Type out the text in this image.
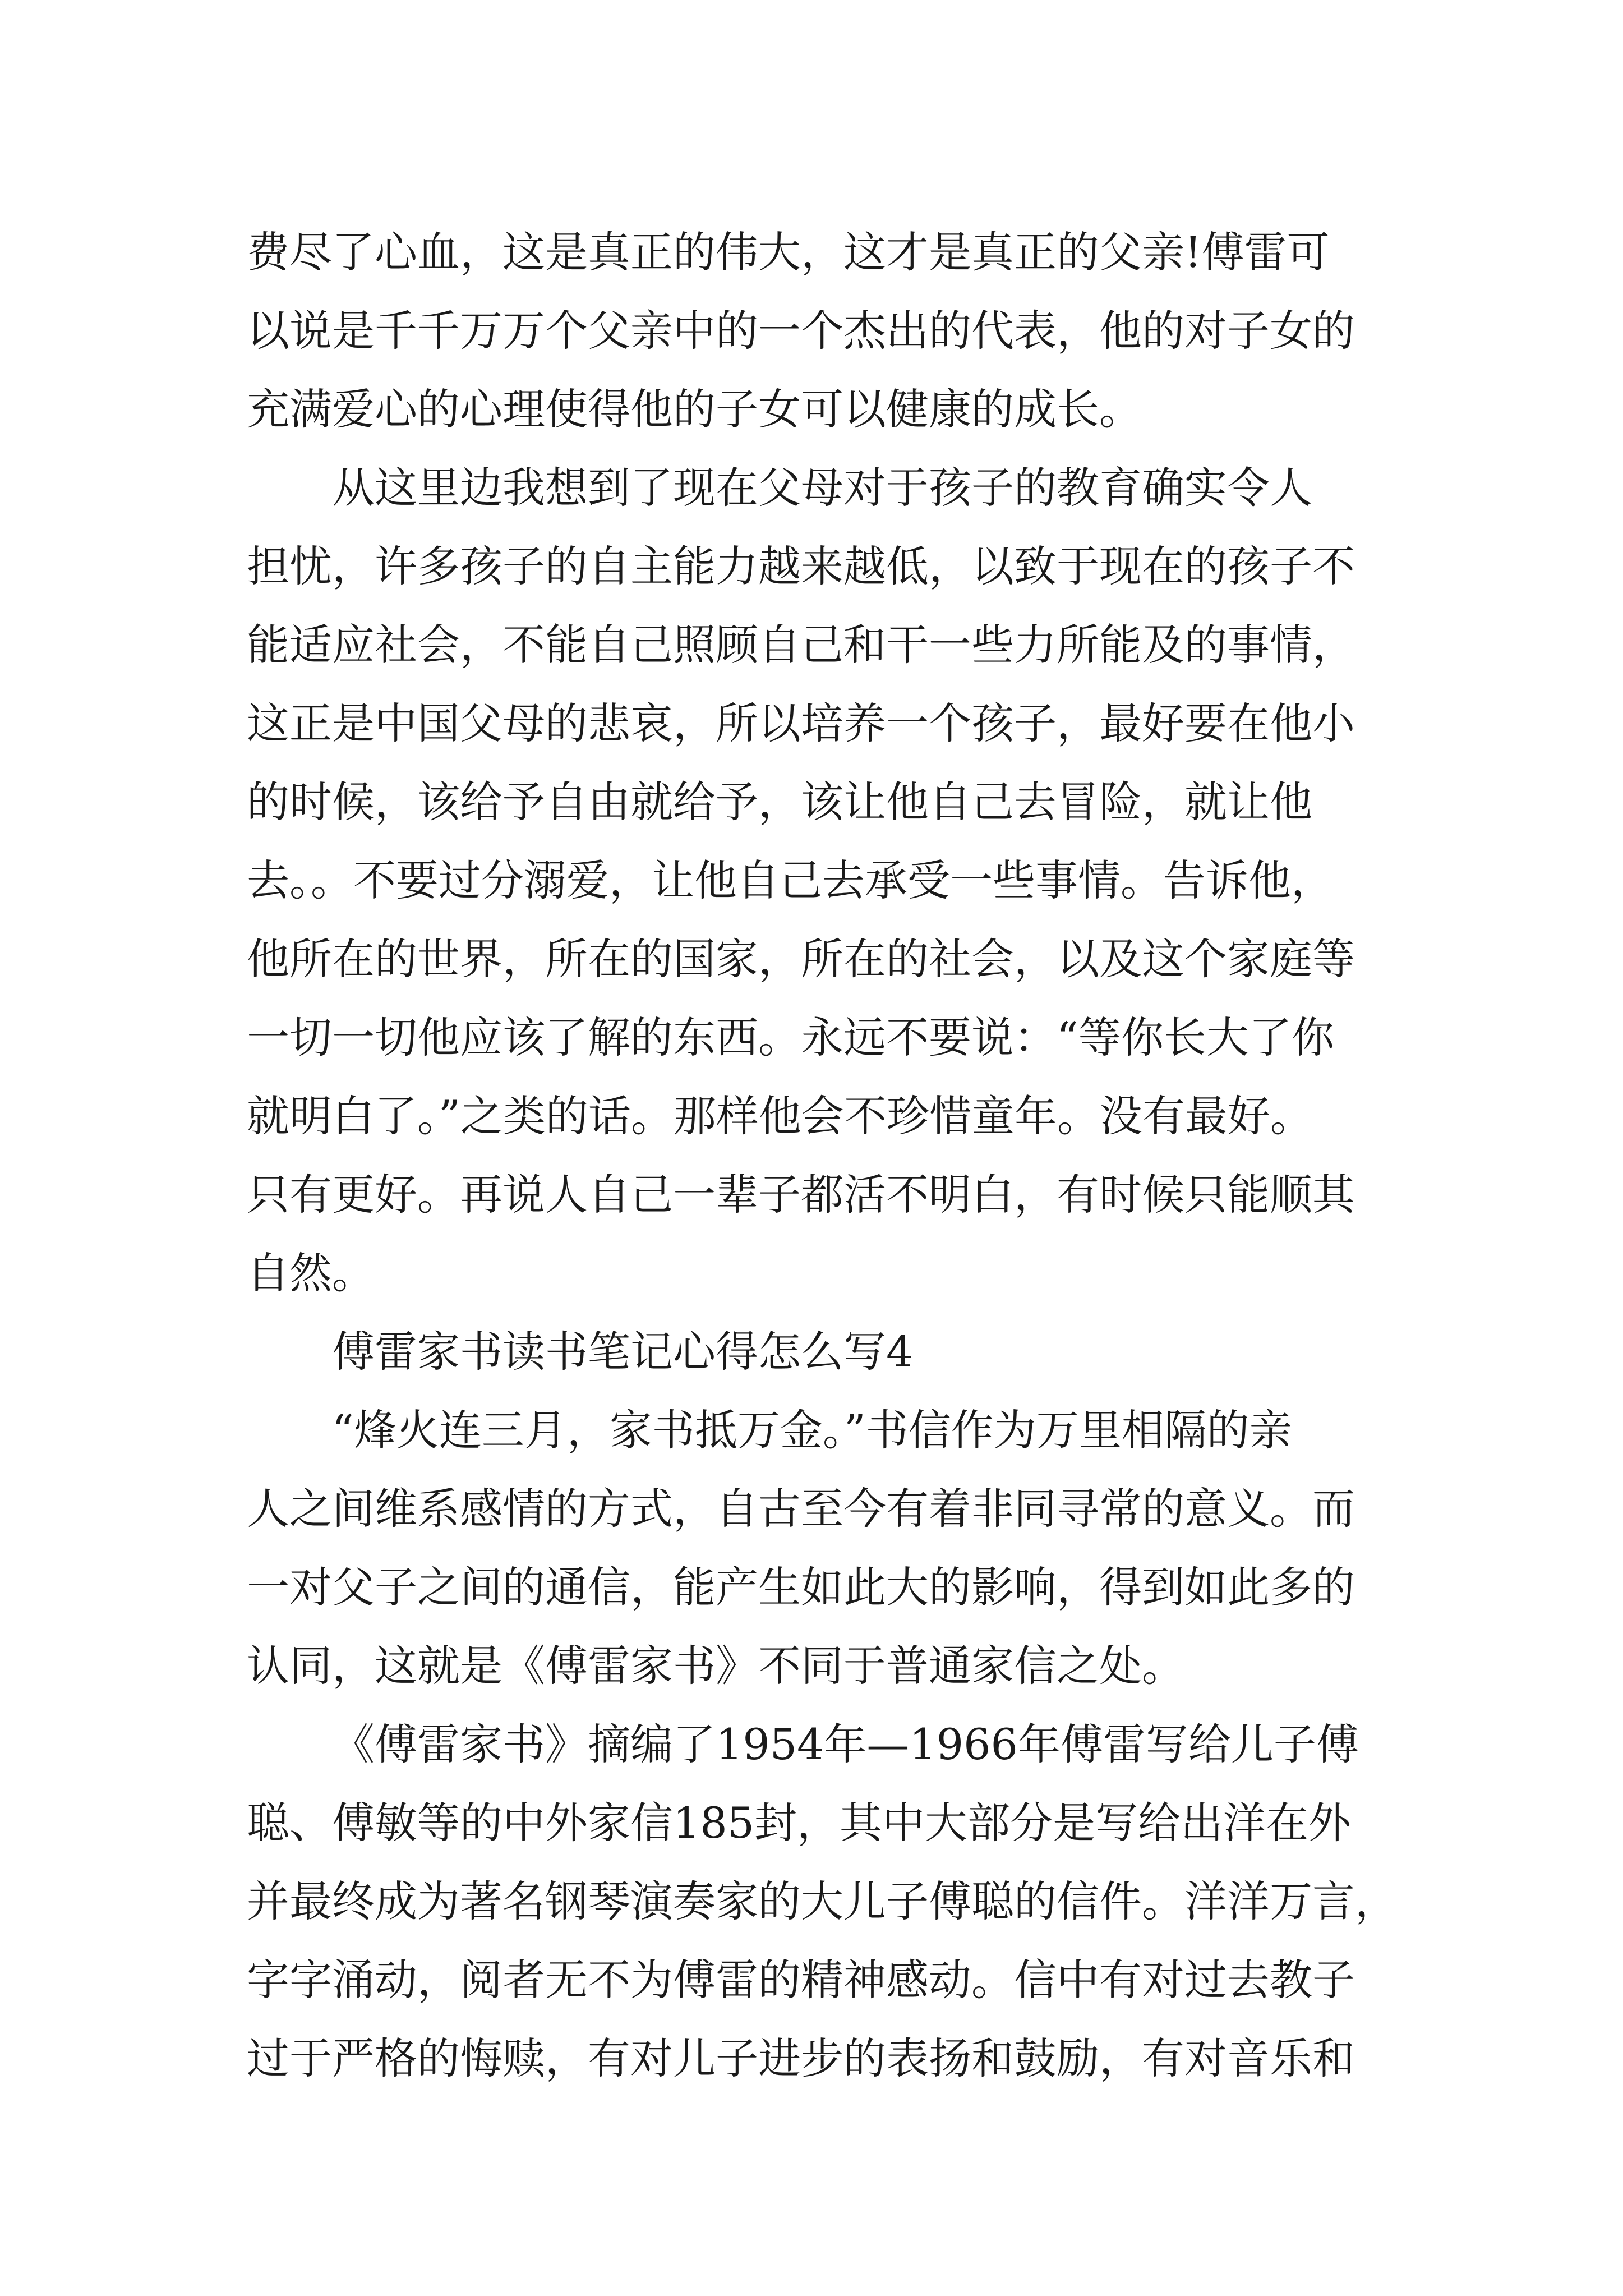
费尽了心血，这是真正的伟大，这才是真正的父亲!傅雷可
以说是千千万万个父亲中的一个杰出的代表，他的对子女的
充满爱心的心理使得他的子女可以健康的成长。
从这里边我想到了现在父母对于孩子的教育确实令人
担忧，许多孩子的自主能力越来越低，以致于现在的孩子不
能适应社会，不能自己照顾自己和干一些力所能及的事情，
这正是中国父母的悲哀，所以培养一个孩子，最好要在他小
的时候，该给予自由就给予，该让他自己去冒险，就让他
去。。不要过分溺爱，让他自己去承受一些事情。告诉他，
他所在的世界，所在的国家，所在的社会，以及这个家庭等
一切一切他应该了解的东西。永远不要说：“等你长大了你
就明白了。”之类的话。那样他会不珍惜童年。没有最好。
只有更好。再说人自己一辈子都活不明白，有时候只能顺其
自然。
傅雷家书读书笔记心得怎么写4
“烽火连三月，家书抵万金。”书信作为万里相隔的亲
人之间维系感情的方式，自古至今有着非同寻常的意义。而
一对父子之间的通信，能产生如此大的影响，得到如此多的
认同，这就是《傅雷家书》不同于普通家信之处。
《傅雷家书》摘编了1954年—1966年傅雷写给儿子傅
聪、傅敏等的中外家信185封，其中大部分是写给出洋在外
并最终成为著名钢琴演奏家的大儿子傅聪的信件。洋洋万言，
字字涌动，阅者无不为傅雷的精神感动。信中有对过去教子
过于严格的悔赎，有对儿子进步的表扬和鼓励，有对音乐和
